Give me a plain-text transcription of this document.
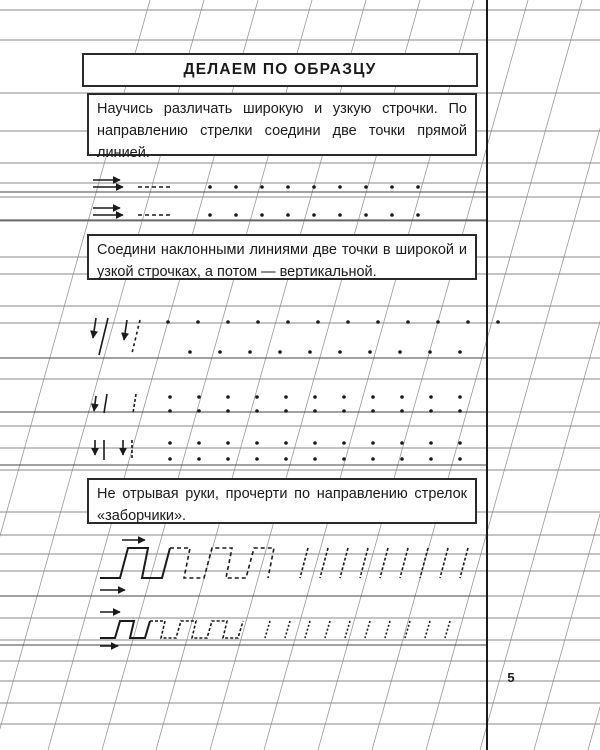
ДЕЛАЕМ ПО ОБРАЗЦУ
Научись различать широкую и узкую строчки. По направлению стрелки соедини две точки прямой линией.
Соедини наклонными линиями две точки в широкой и узкой строчках, а потом — вертикальной.
Не отрывая руки, прочерти по направлению стрелок «заборчики».
5
